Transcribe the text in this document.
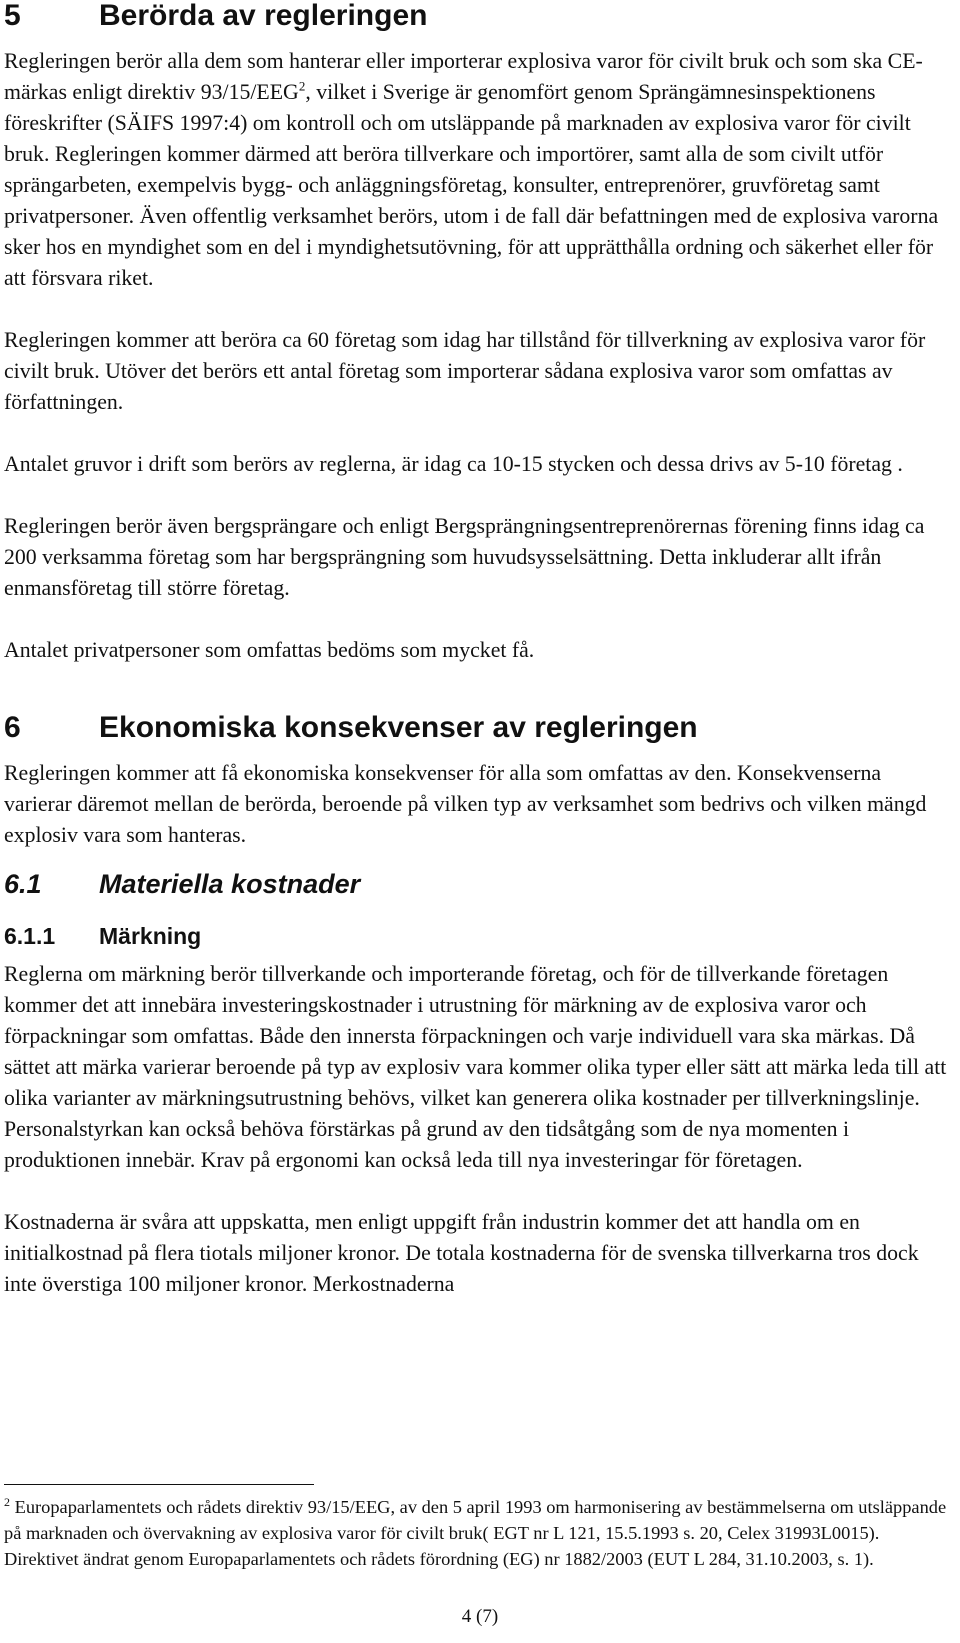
5	Berörda av regleringen

Regleringen berör alla dem som hanterar eller importerar explosiva varor för civilt bruk och som ska CE-märkas enligt direktiv 93/15/EEG$^2$, vilket i Sverige är genomfört genom Sprängämnesinspektionens föreskrifter (SÄIFS 1997:4) om kontroll och om utsläppande på marknaden av explosiva varor för civilt bruk. Regleringen kommer därmed att beröra tillverkare och importörer, samt alla de som civilt utför sprängarbeten, exempelvis bygg- och anläggningsföretag, konsulter, entreprenörer, gruvföretag samt privatpersoner. Även offentlig verksamhet berörs, utom i de fall där befattningen med de explosiva varorna sker hos en myndighet som en del i myndighetsutövning, för att upprätthålla ordning och säkerhet eller för att försvara riket.

Regleringen kommer att beröra ca 60 företag som idag har tillstånd för tillverkning av explosiva varor för civilt bruk. Utöver det berörs ett antal företag som importerar sådana explosiva varor som omfattas av författningen.

Antalet gruvor i drift som berörs av reglerna, är idag ca 10-15 stycken och dessa drivs av 5-10 företag .

Regleringen berör även bergsprängare och enligt Bergsprängningsentreprenörernas förening finns idag ca 200 verksamma företag som har bergsprängning som huvudsysselsättning. Detta inkluderar allt ifrån enmansföretag till större företag.

Antalet privatpersoner som omfattas bedöms som mycket få.

6	Ekonomiska konsekvenser av regleringen

Regleringen kommer att få ekonomiska konsekvenser för alla som omfattas av den. Konsekvenserna varierar däremot mellan de berörda, beroende på vilken typ av verksamhet som bedrivs och vilken mängd explosiv vara som hanteras.

6.1	Materiella kostnader
6.1.1	Märkning

Reglerna om märkning berör tillverkande och importerande företag, och för de tillverkande företagen kommer det att innebära investeringskostnader i utrustning för märkning av de explosiva varor och förpackningar som omfattas. Både den innersta förpackningen och varje individuell vara ska märkas. Då sättet att märka varierar beroende på typ av explosiv vara kommer olika typer eller sätt att märka leda till att olika varianter av märkningsutrustning behövs, vilket kan generera olika kostnader per tillverkningslinje. Personalstyrkan kan också behöva förstärkas på grund av den tidsåtgång som de nya momenten i produktionen innebär. Krav på ergonomi kan också leda till nya investeringar för företagen.

Kostnaderna är svåra att uppskatta, men enligt uppgift från industrin kommer det att handla om en initialkostnad på flera tiotals miljoner kronor. De totala kostnaderna för de svenska tillverkarna tros dock inte överstiga 100 miljoner kronor. Merkostnaderna

$^2$ Europaparlamentets och rådets direktiv 93/15/EEG, av den 5 april 1993 om harmonisering av bestämmelserna om utsläppande på marknaden och övervakning av explosiva varor för civilt bruk( EGT nr L 121, 15.5.1993 s. 20, Celex 31993L0015). Direktivet ändrat genom Europaparlamentets och rådets förordning (EG) nr 1882/2003 (EUT L 284, 31.10.2003, s. 1).
4 (7)
